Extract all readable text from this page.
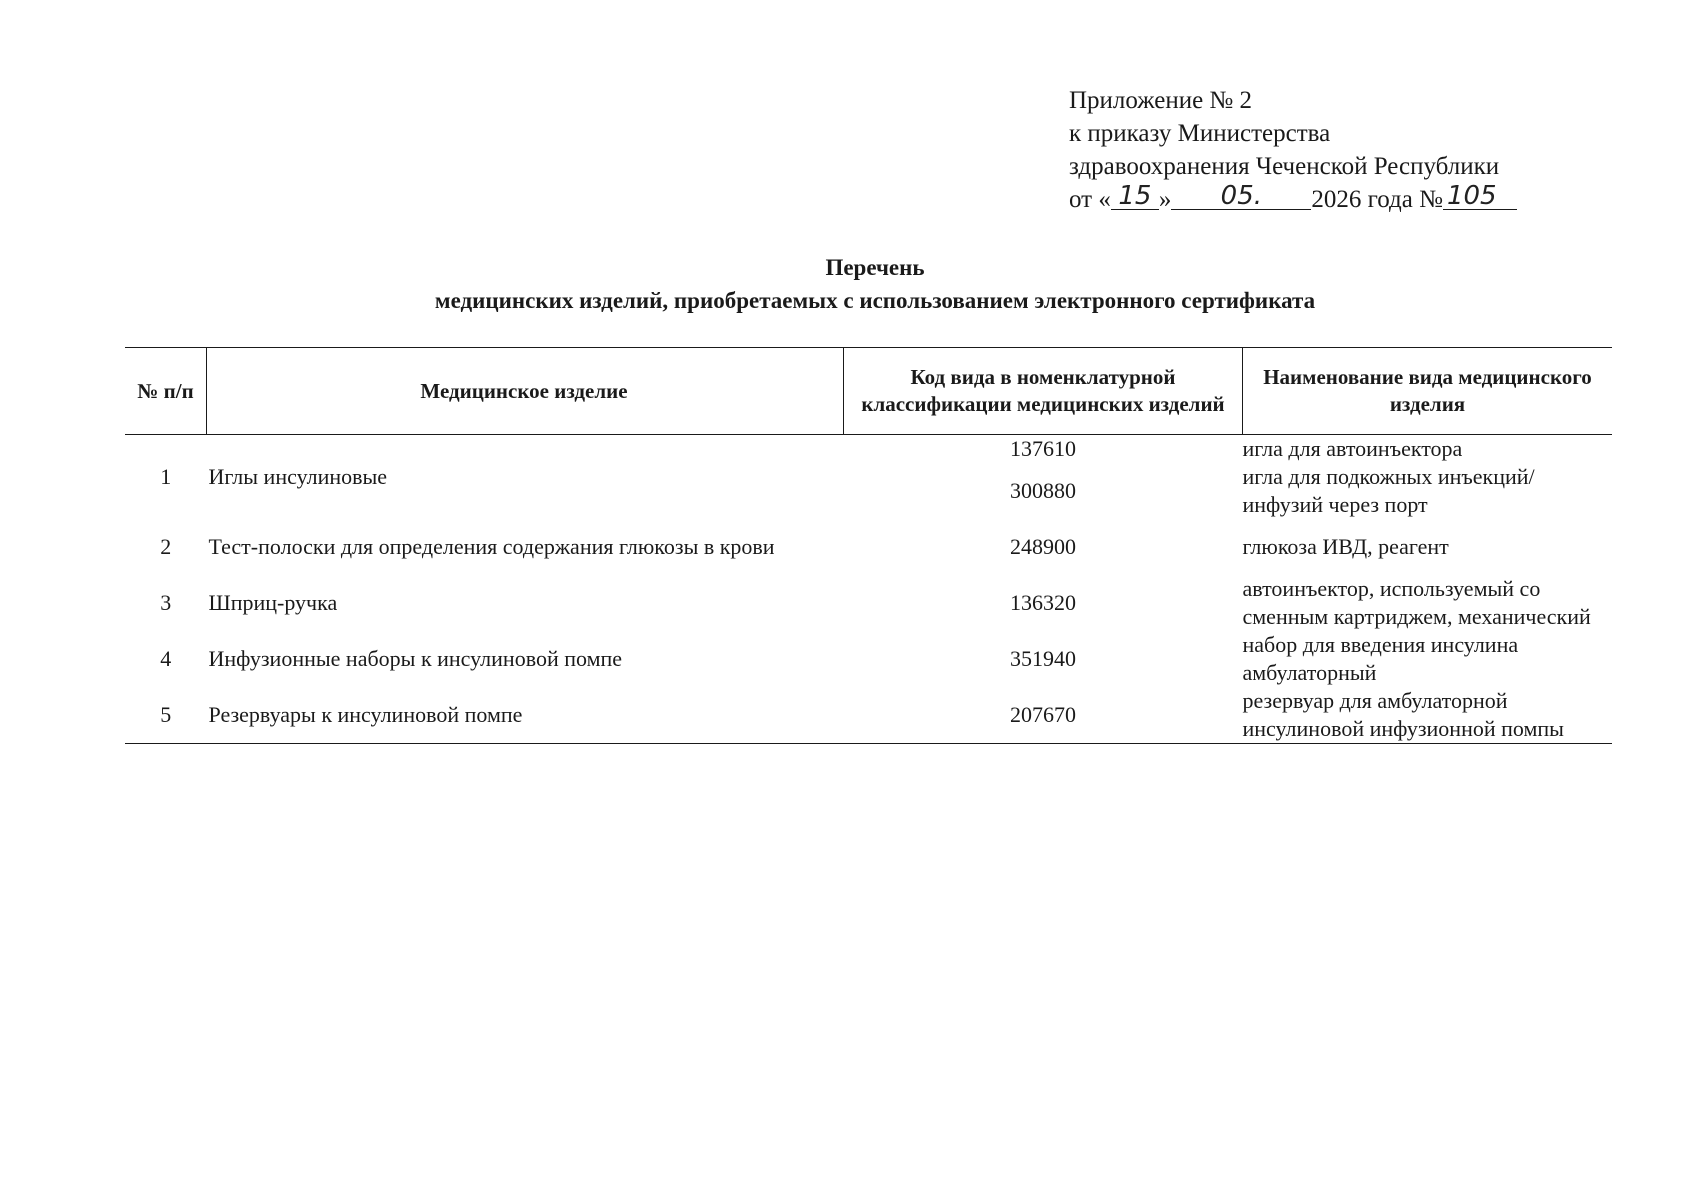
Приложение № 2
к приказу Министерства
здравоохранения Чеченской Республики
от « 15 » 05. 2026 года № 105
Перечень
медицинских изделий, приобретаемых с использованием электронного сертификата
№ п/п	Медицинское изделие	Код вида в номенклатурной классификации медицинских изделий	Наименование вида медицинского изделия
1	Иглы инсулиновые	137610	игла для автоинъектора
		300880	игла для подкожных инъекций/инфузий через порт
2	Тест-полоски для определения содержания глюкозы в крови	248900	глюкоза ИВД, реагент
3	Шприц-ручка	136320	автоинъектор, используемый со сменным картриджем, механический
4	Инфузионные наборы к инсулиновой помпе	351940	набор для введения инсулина амбулаторный
5	Резервуары к инсулиновой помпе	207670	резервуар для амбулаторной инсулиновой инфузионной помпы
